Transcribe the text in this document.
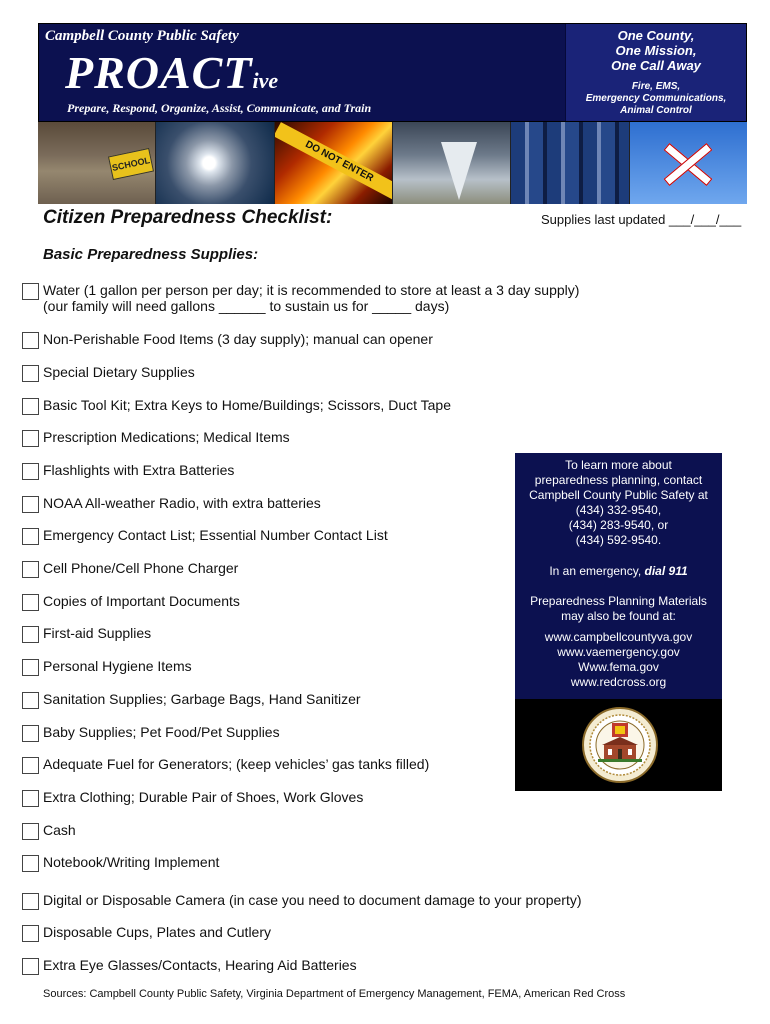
Campbell County Public Safety
PROACTive
Prepare, Respond, Organize, Assist, Communicate, and Train
One County,
One Mission,
One Call Away
Fire, EMS,
Emergency Communications,
Animal Control
SCHOOL	DO NOT ENTER
Citizen Preparedness Checklist:	Supplies last updated ___/___/___
Basic Preparedness Supplies:
Water (1 gallon per person per day; it is recommended to store at least a 3 day supply)
(our family will need gallons ______ to sustain us for _____ days)
Non-Perishable Food Items (3 day supply); manual can opener
Special Dietary Supplies
Basic Tool Kit; Extra Keys to Home/Buildings; Scissors, Duct Tape
Prescription Medications; Medical Items
Flashlights with Extra Batteries
NOAA All-weather Radio, with extra batteries
Emergency Contact List; Essential Number Contact List
Cell Phone/Cell Phone Charger
Copies of Important Documents
First-aid Supplies
Personal Hygiene Items
Sanitation Supplies; Garbage Bags, Hand Sanitizer
Baby Supplies; Pet Food/Pet Supplies
Adequate Fuel for Generators; (keep vehicles’ gas tanks filled)
Extra Clothing; Durable Pair of Shoes, Work Gloves
Cash
Notebook/Writing Implement
Digital or Disposable Camera (in case you need to document damage to your property)
Disposable Cups, Plates and Cutlery
Extra Eye Glasses/Contacts, Hearing Aid Batteries
To learn more about
preparedness planning, contact
Campbell County Public Safety at
(434) 332-9540,
(434) 283-9540, or
(434) 592-9540.
In an emergency, dial 911
Preparedness Planning Materials
may also be found at:
www.campbellcountyva.gov
www.vaemergency.gov
Www.fema.gov
www.redcross.org
Sources: Campbell County Public Safety, Virginia Department of Emergency Management, FEMA, American Red Cross
